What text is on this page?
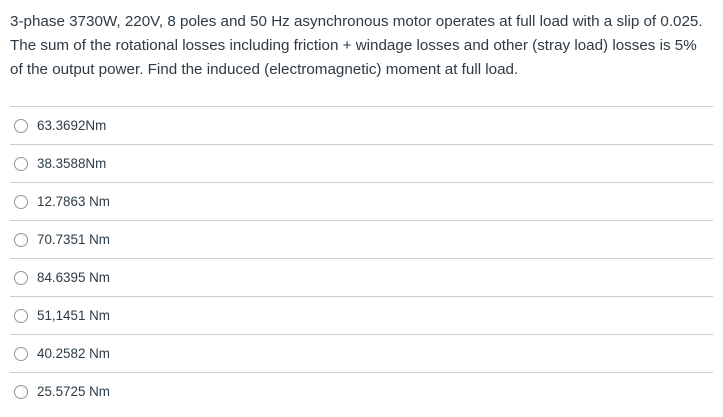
3-phase 3730W, 220V, 8 poles and 50 Hz asynchronous motor operates at full load with a slip of 0.025. The sum of the rotational losses including friction + windage losses and other (stray load) losses is 5% of the output power. Find the induced (electromagnetic) moment at full load.

63.3692Nm
38.3588Nm
12.7863 Nm
70.7351 Nm
84.6395 Nm
51,1451 Nm
40.2582 Nm
25.5725 Nm
